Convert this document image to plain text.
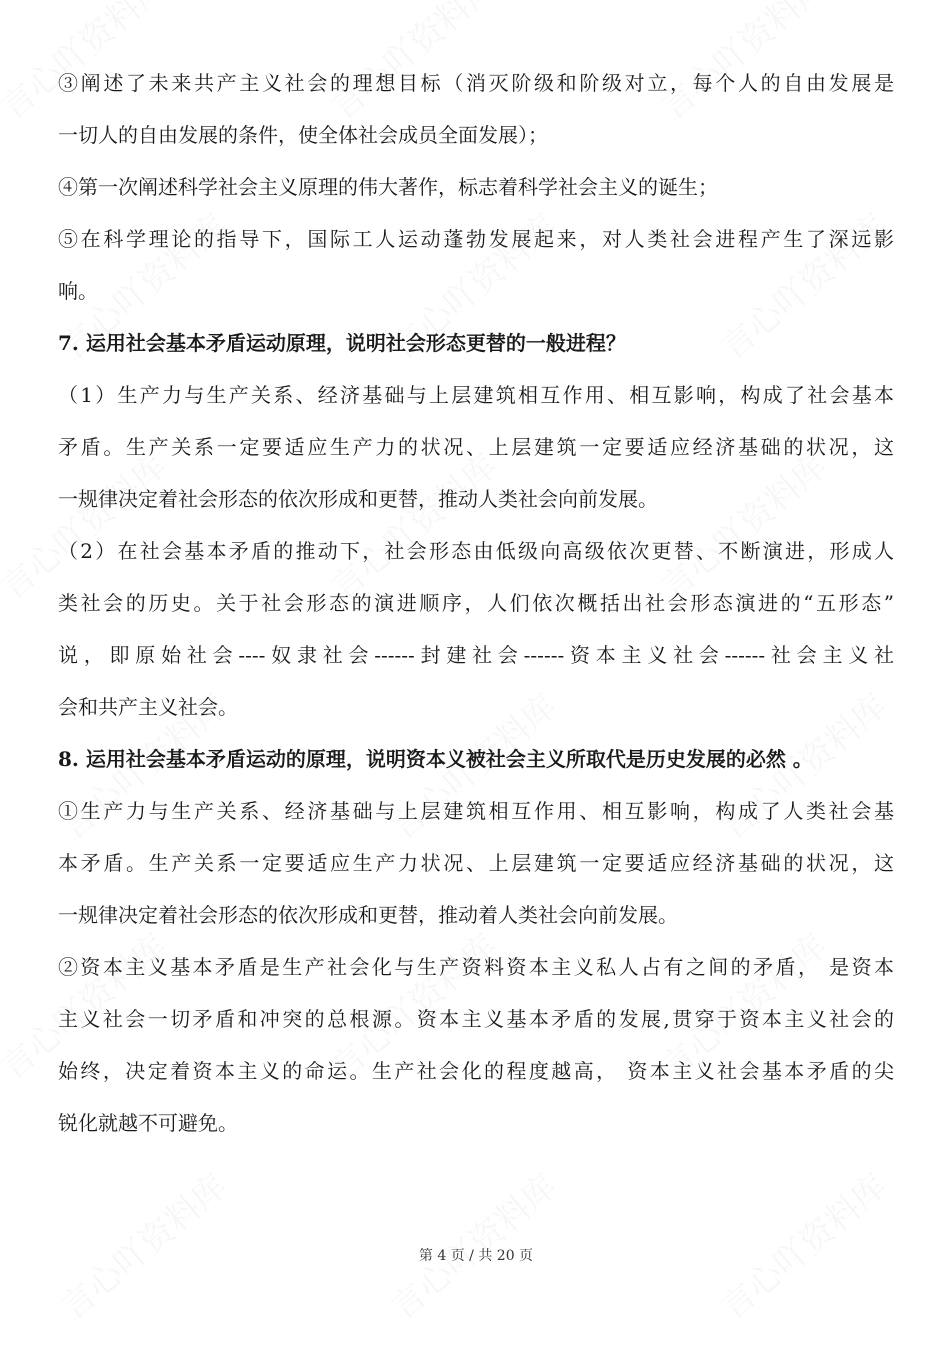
③阐述了未来共产主义社会的理想目标（消灭阶级和阶级对立，每个人的自由发展是
一切人的自由发展的条件，使全体社会成员全面发展）；
④第一次阐述科学社会主义原理的伟大著作，标志着科学社会主义的诞生；
⑤在科学理论的指导下，国际工人运动蓬勃发展起来，对人类社会进程产生了深远影
响。
7. 运用社会基本矛盾运动原理，说明社会形态更替的一般进程？
（1）生产力与生产关系、经济基础与上层建筑相互作用、相互影响，构成了社会基本
矛盾。生产关系一定要适应生产力的状况、上层建筑一定要适应经济基础的状况，这
一规律决定着社会形态的依次形成和更替，推动人类社会向前发展。
（2）在社会基本矛盾的推动下，社会形态由低级向高级依次更替、不断演进，形成人
类社会的历史。关于社会形态的演进顺序，人们依次概括出社会形态演进的“五形态”
说，即原始社会----奴隶社会------封建社会------资本主义社会------社会主义社
会和共产主义社会。
8. 运用社会基本矛盾运动的原理，说明资本义被社会主义所取代是历史发展的必然 。
①生产力与生产关系、经济基础与上层建筑相互作用、相互影响，构成了人类社会基
本矛盾。生产关系一定要适应生产力状况、上层建筑一定要适应经济基础的状况，这
一规律决定着社会形态的依次形成和更替，推动着人类社会向前发展。
②资本主义基本矛盾是生产社会化与生产资料资本主义私人占有之间的矛盾， 是资本
主义社会一切矛盾和冲突的总根源。资本主义基本矛盾的发展,贯穿于资本主义社会的
始终，决定着资本主义的命运。生产社会化的程度越高， 资本主义社会基本矛盾的尖
锐化就越不可避免。
第 4 页 / 共 20 页
